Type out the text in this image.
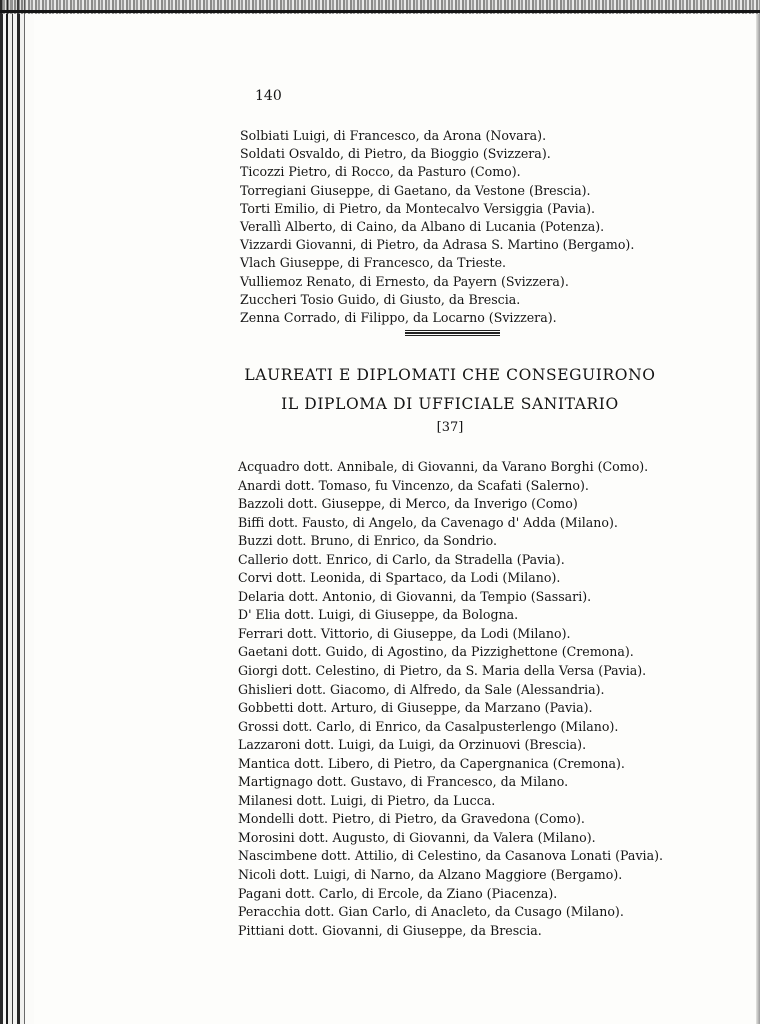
140
Solbiati Luigi, di Francesco, da Arona (Novara).
Soldati Osvaldo, di Pietro, da Bioggio (Svizzera).
Ticozzi Pietro, di Rocco, da Pasturo (Como).
Torregiani Giuseppe, di Gaetano, da Vestone (Brescia).
Torti Emilio, di Pietro, da Montecalvo Versiggia (Pavia).
Verallì Alberto, di Caino, da Albano di Lucania (Potenza).
Vizzardi Giovanni, di Pietro, da Adrasa S. Martino (Bergamo).
Vlach Giuseppe, di Francesco, da Trieste.
Vulliemoz Renato, di Ernesto, da Payern (Svizzera).
Zuccheri Tosio Guido, di Giusto, da Brescia.
Zenna Corrado, di Filippo, da Locarno (Svizzera).
LAUREATI E DIPLOMATI CHE CONSEGUIRONO
IL DIPLOMA DI UFFICIALE SANITARIO
[37]
Acquadro dott. Annibale, di Giovanni, da Varano Borghi (Como).
Anardi dott. Tomaso, fu Vincenzo, da Scafati (Salerno).
Bazzoli dott. Giuseppe, di Merco, da Inverigo (Como)
Biffi dott. Fausto, di Angelo, da Cavenago d' Adda (Milano).
Buzzi dott. Bruno, di Enrico, da Sondrio.
Callerio dott. Enrico, di Carlo, da Stradella (Pavia).
Corvi dott. Leonida, di Spartaco, da Lodi (Milano).
Delaria dott. Antonio, di Giovanni, da Tempio (Sassari).
D' Elia dott. Luigi, di Giuseppe, da Bologna.
Ferrari dott. Vittorio, di Giuseppe, da Lodi (Milano).
Gaetani dott. Guido, di Agostino, da Pizzighettone (Cremona).
Giorgi dott. Celestino, di Pietro, da S. Maria della Versa (Pavia).
Ghislieri dott. Giacomo, di Alfredo, da Sale (Alessandria).
Gobbetti dott. Arturo, di Giuseppe, da Marzano (Pavia).
Grossi dott. Carlo, di Enrico, da Casalpusterlengo (Milano).
Lazzaroni dott. Luigi, da Luigi, da Orzinuovi (Brescia).
Mantica dott. Libero, di Pietro, da Capergnanica (Cremona).
Martignago dott. Gustavo, di Francesco, da Milano.
Milanesi dott. Luigi, di Pietro, da Lucca.
Mondelli dott. Pietro, di Pietro, da Gravedona (Como).
Morosini dott. Augusto, di Giovanni, da Valera (Milano).
Nascimbene dott. Attilio, di Celestino, da Casanova Lonati (Pavia).
Nicoli dott. Luigi, di Narno, da Alzano Maggiore (Bergamo).
Pagani dott. Carlo, di Ercole, da Ziano (Piacenza).
Peracchia dott. Gian Carlo, di Anacleto, da Cusago (Milano).
Pittiani dott. Giovanni, di Giuseppe, da Brescia.
